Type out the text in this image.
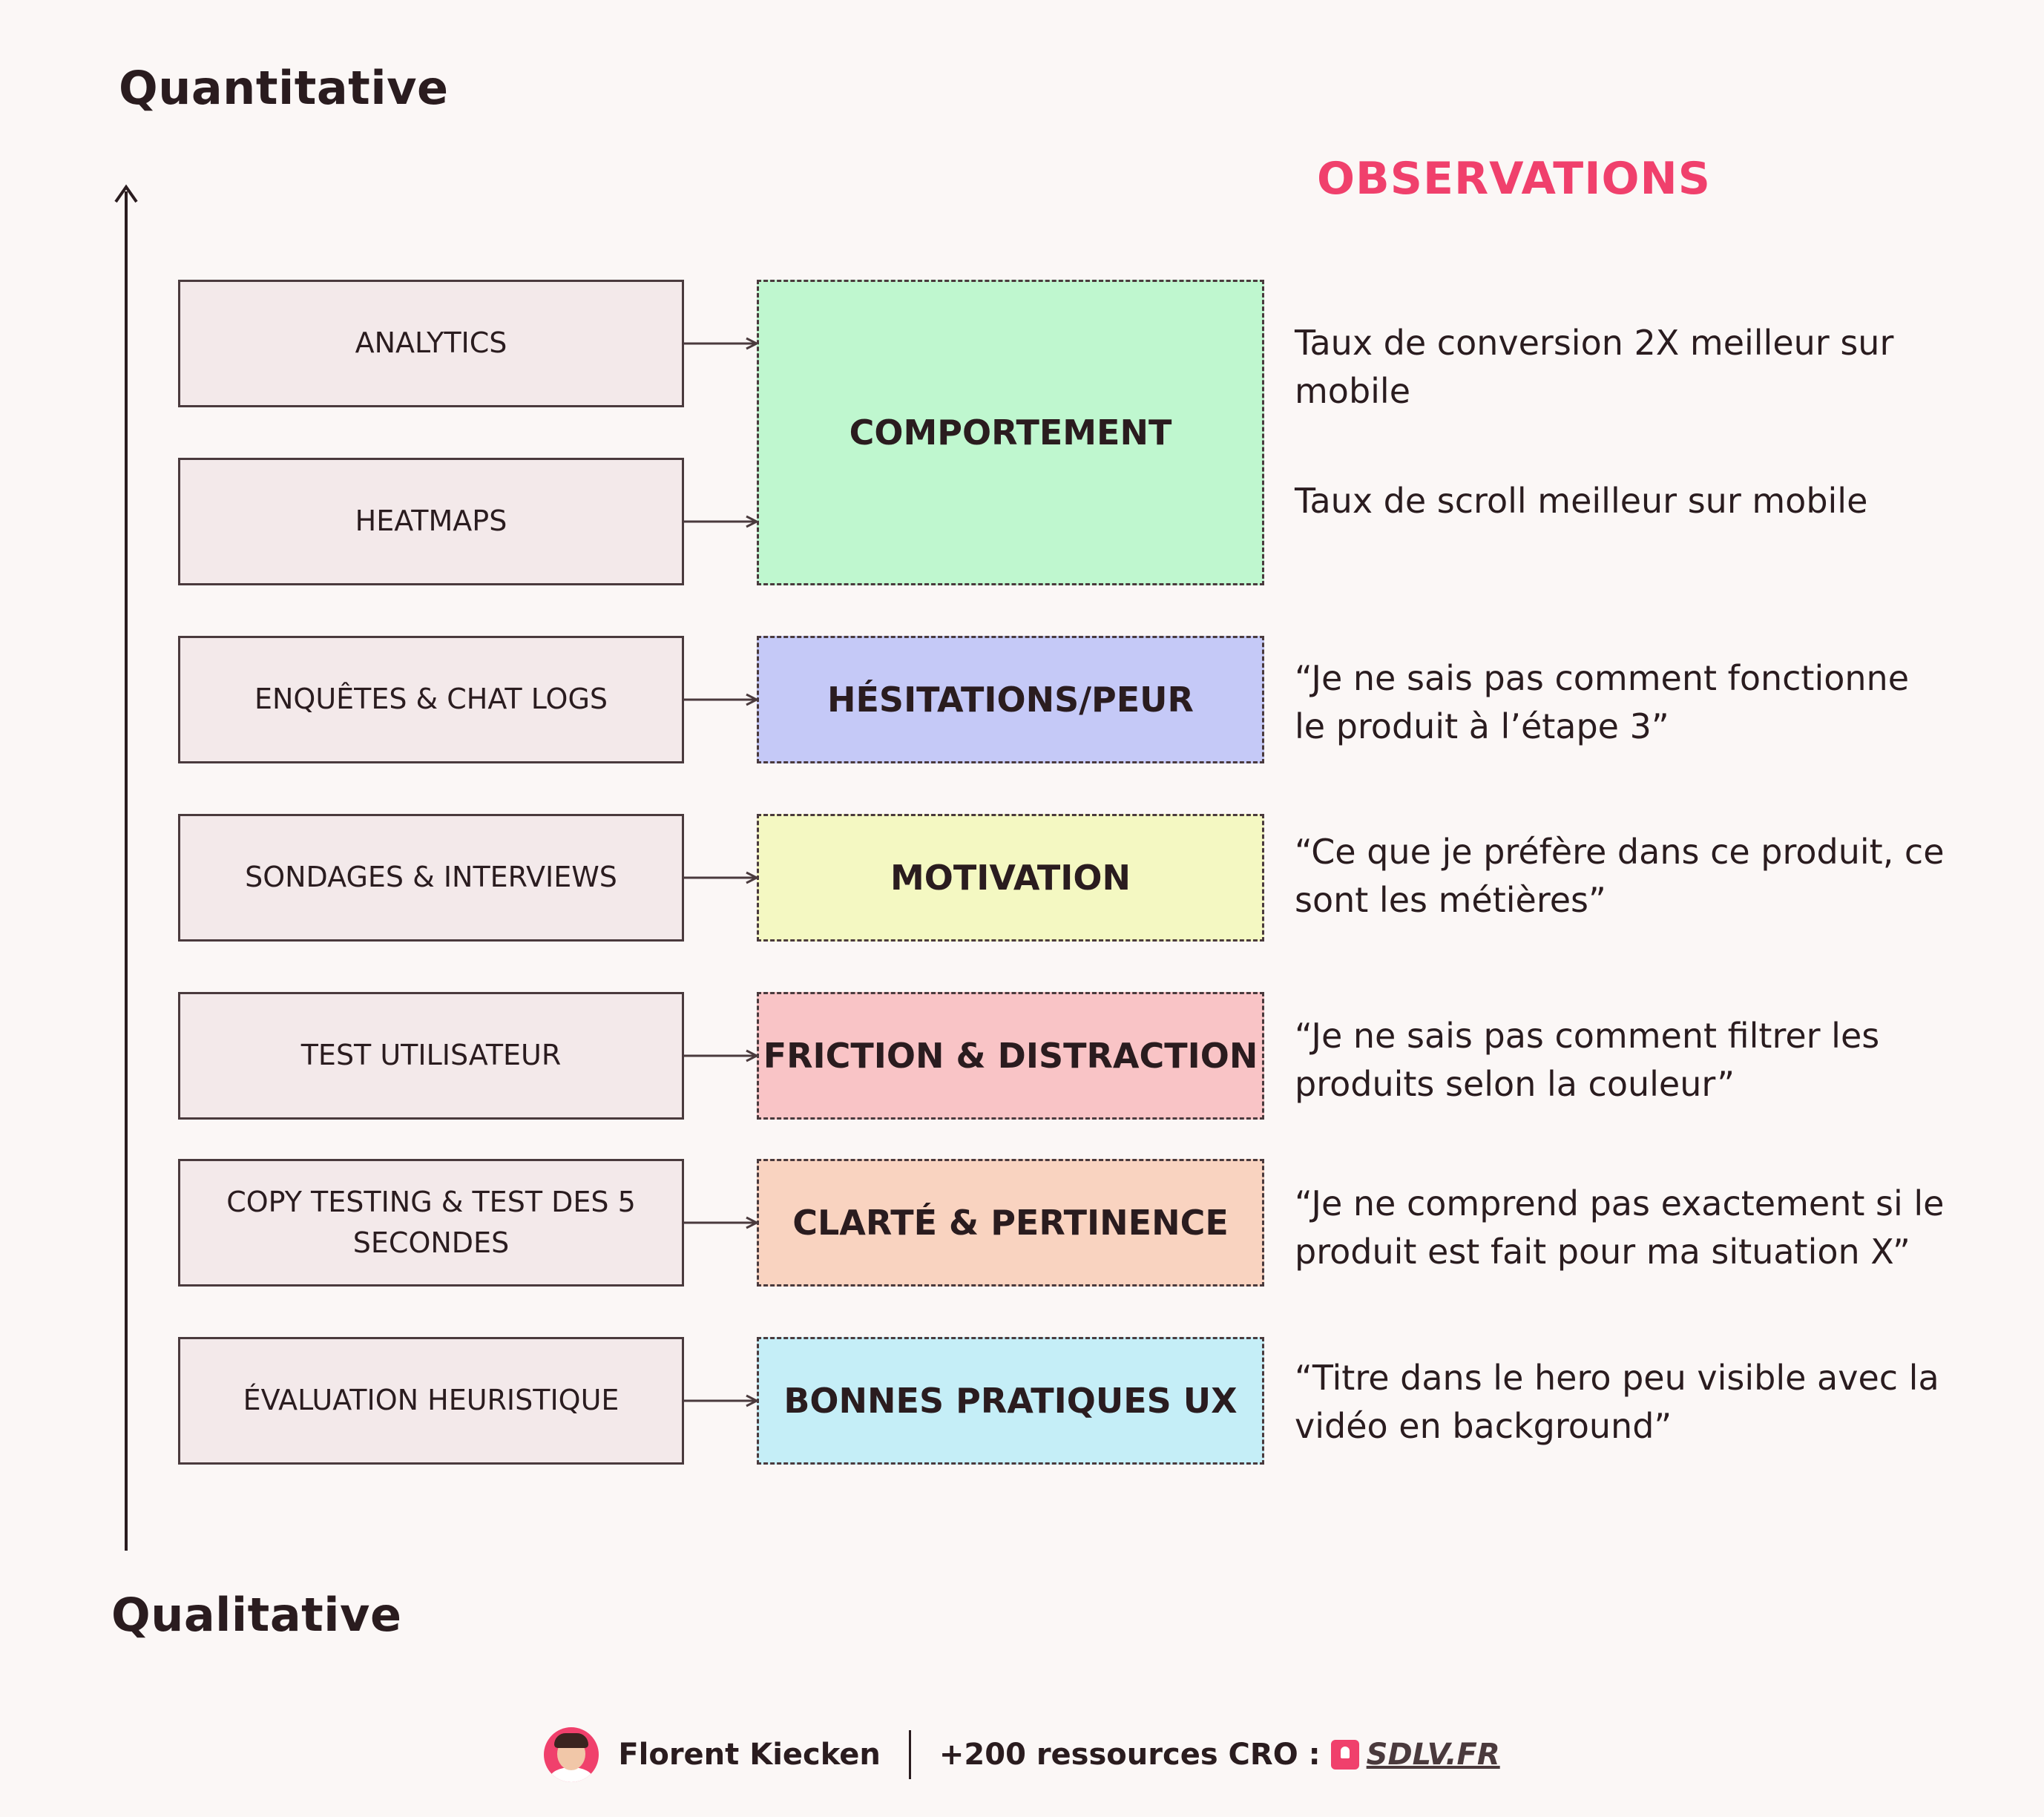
Quantitative
Qualitative
OBSERVATIONS
ANALYTICS
HEATMAPS
ENQUÊTES & CHAT LOGS
SONDAGES & INTERVIEWS
TEST UTILISATEUR
COPY TESTING & TEST DES 5 SECONDES
ÉVALUATION HEURISTIQUE
COMPORTEMENT
HÉSITATIONS/PEUR
MOTIVATION
FRICTION & DISTRACTION
CLARTÉ & PERTINENCE
BONNES PRATIQUES UX
Taux de conversion 2X meilleur sur mobile
Taux de scroll meilleur sur mobile
“Je ne sais pas comment fonctionne le produit à l’étape 3”
“Ce que je préfère dans ce produit, ce sont les métières”
“Je ne sais pas comment filtrer les produits selon la couleur”
“Je ne comprend pas exactement si le produit est fait pour ma situation X”
“Titre dans le hero peu visible avec la vidéo en background”
Florent Kiecken +200 ressources CRO : SDLV.FR
